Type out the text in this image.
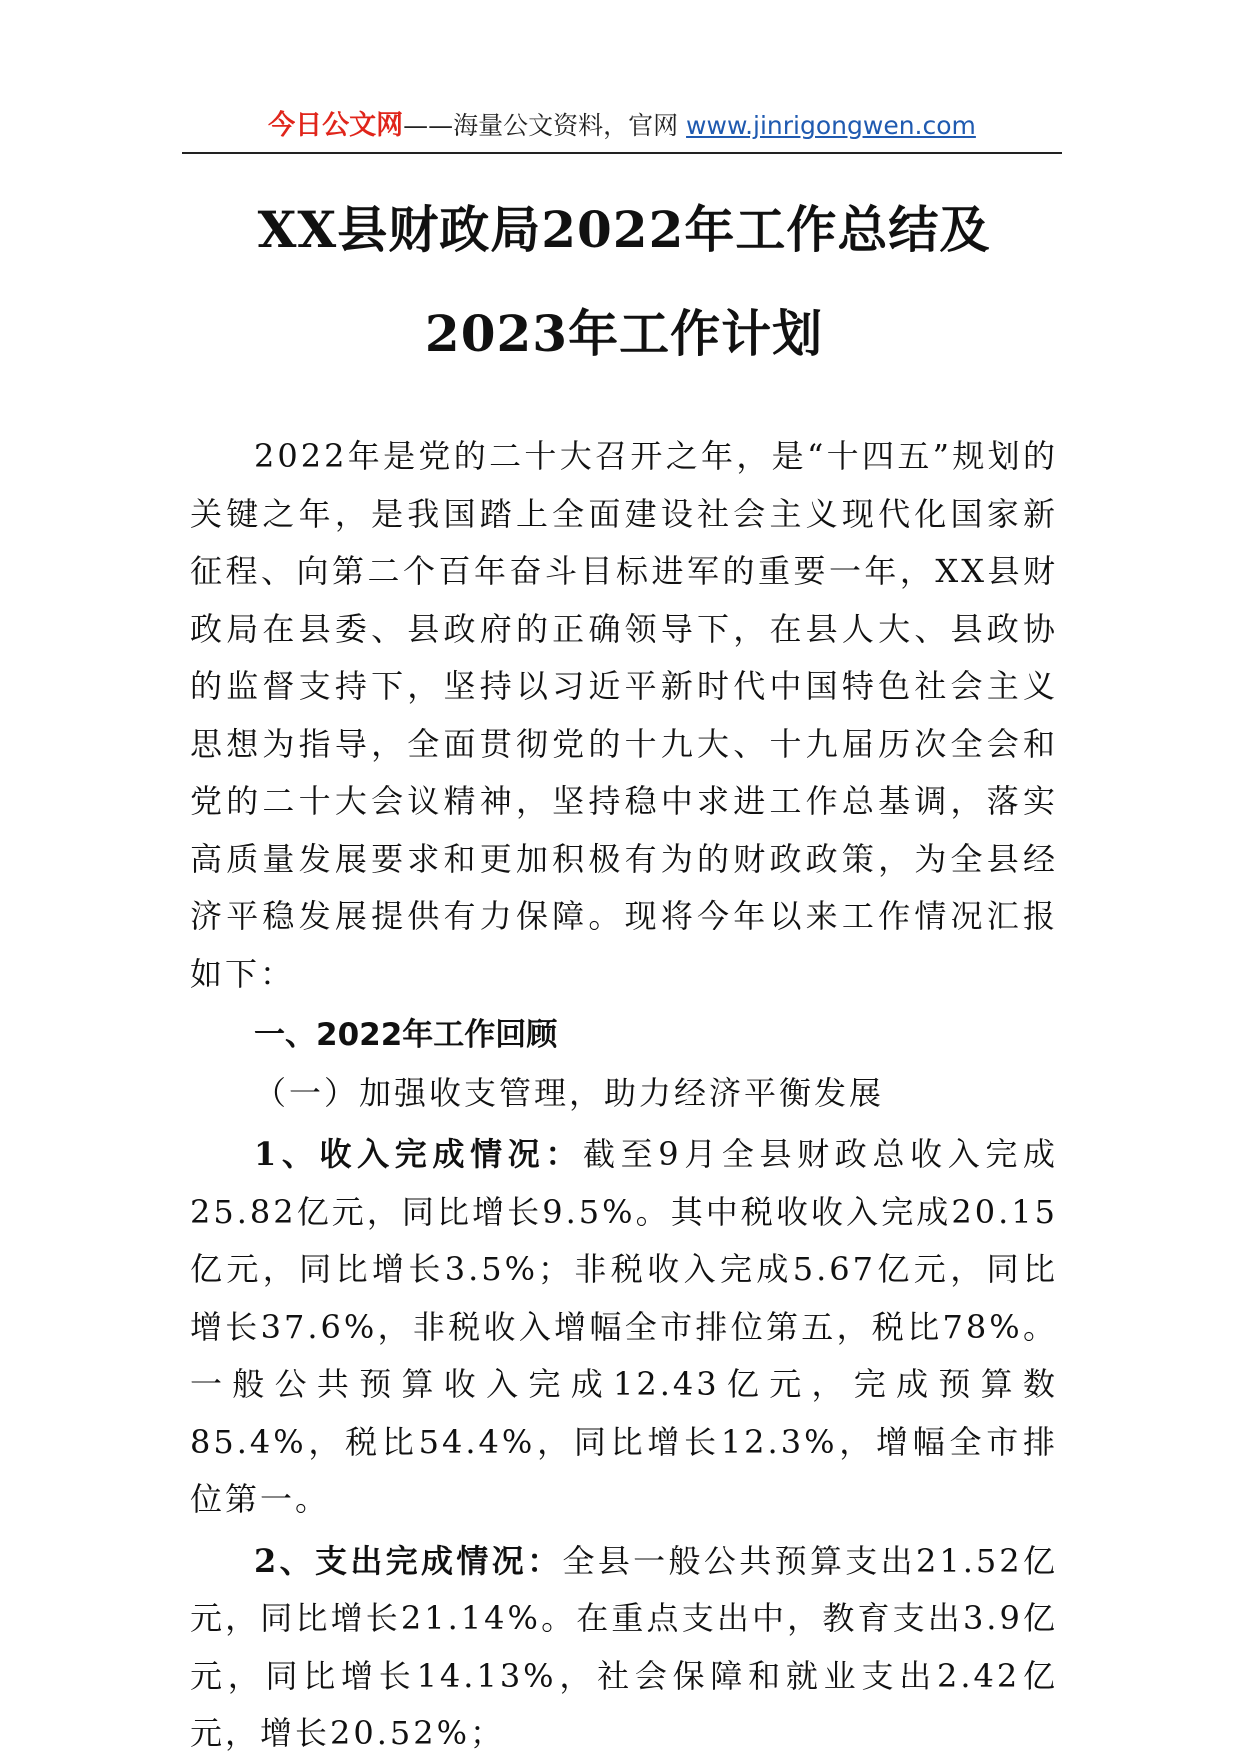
今日公文网——海量公文资料，官网 www.jinrigongwen.com
XX县财政局2022年工作总结及2023年工作计划

2022年是党的二十大召开之年，是“十四五”规划的关键之年，是我国踏上全面建设社会主义现代化国家新征程、向第二个百年奋斗目标进军的重要一年，XX县财政局在县委、县政府的正确领导下，在县人大、县政协的监督支持下，坚持以习近平新时代中国特色社会主义思想为指导，全面贯彻党的十九大、十九届历次全会和党的二十大会议精神，坚持稳中求进工作总基调，落实高质量发展要求和更加积极有为的财政政策，为全县经济平稳发展提供有力保障。现将今年以来工作情况汇报如下：

一、2022年工作回顾

（一）加强收支管理，助力经济平衡发展

1、收入完成情况：截至9月全县财政总收入完成25.82亿元，同比增长9.5%。其中税收收入完成20.15亿元，同比增长3.5%；非税收入完成5.67亿元，同比增长37.6%，非税收入增幅全市排位第五，税比78%。一般公共预算收入完成12.43亿元，完成预算数85.4%，税比54.4%，同比增长12.3%，增幅全市排位第一。

2、支出完成情况：全县一般公共预算支出21.52亿元，同比增长21.14%。在重点支出中，教育支出3.9亿元，同比增长14.13%，社会保障和就业支出2.42亿元，增长20.52%；
